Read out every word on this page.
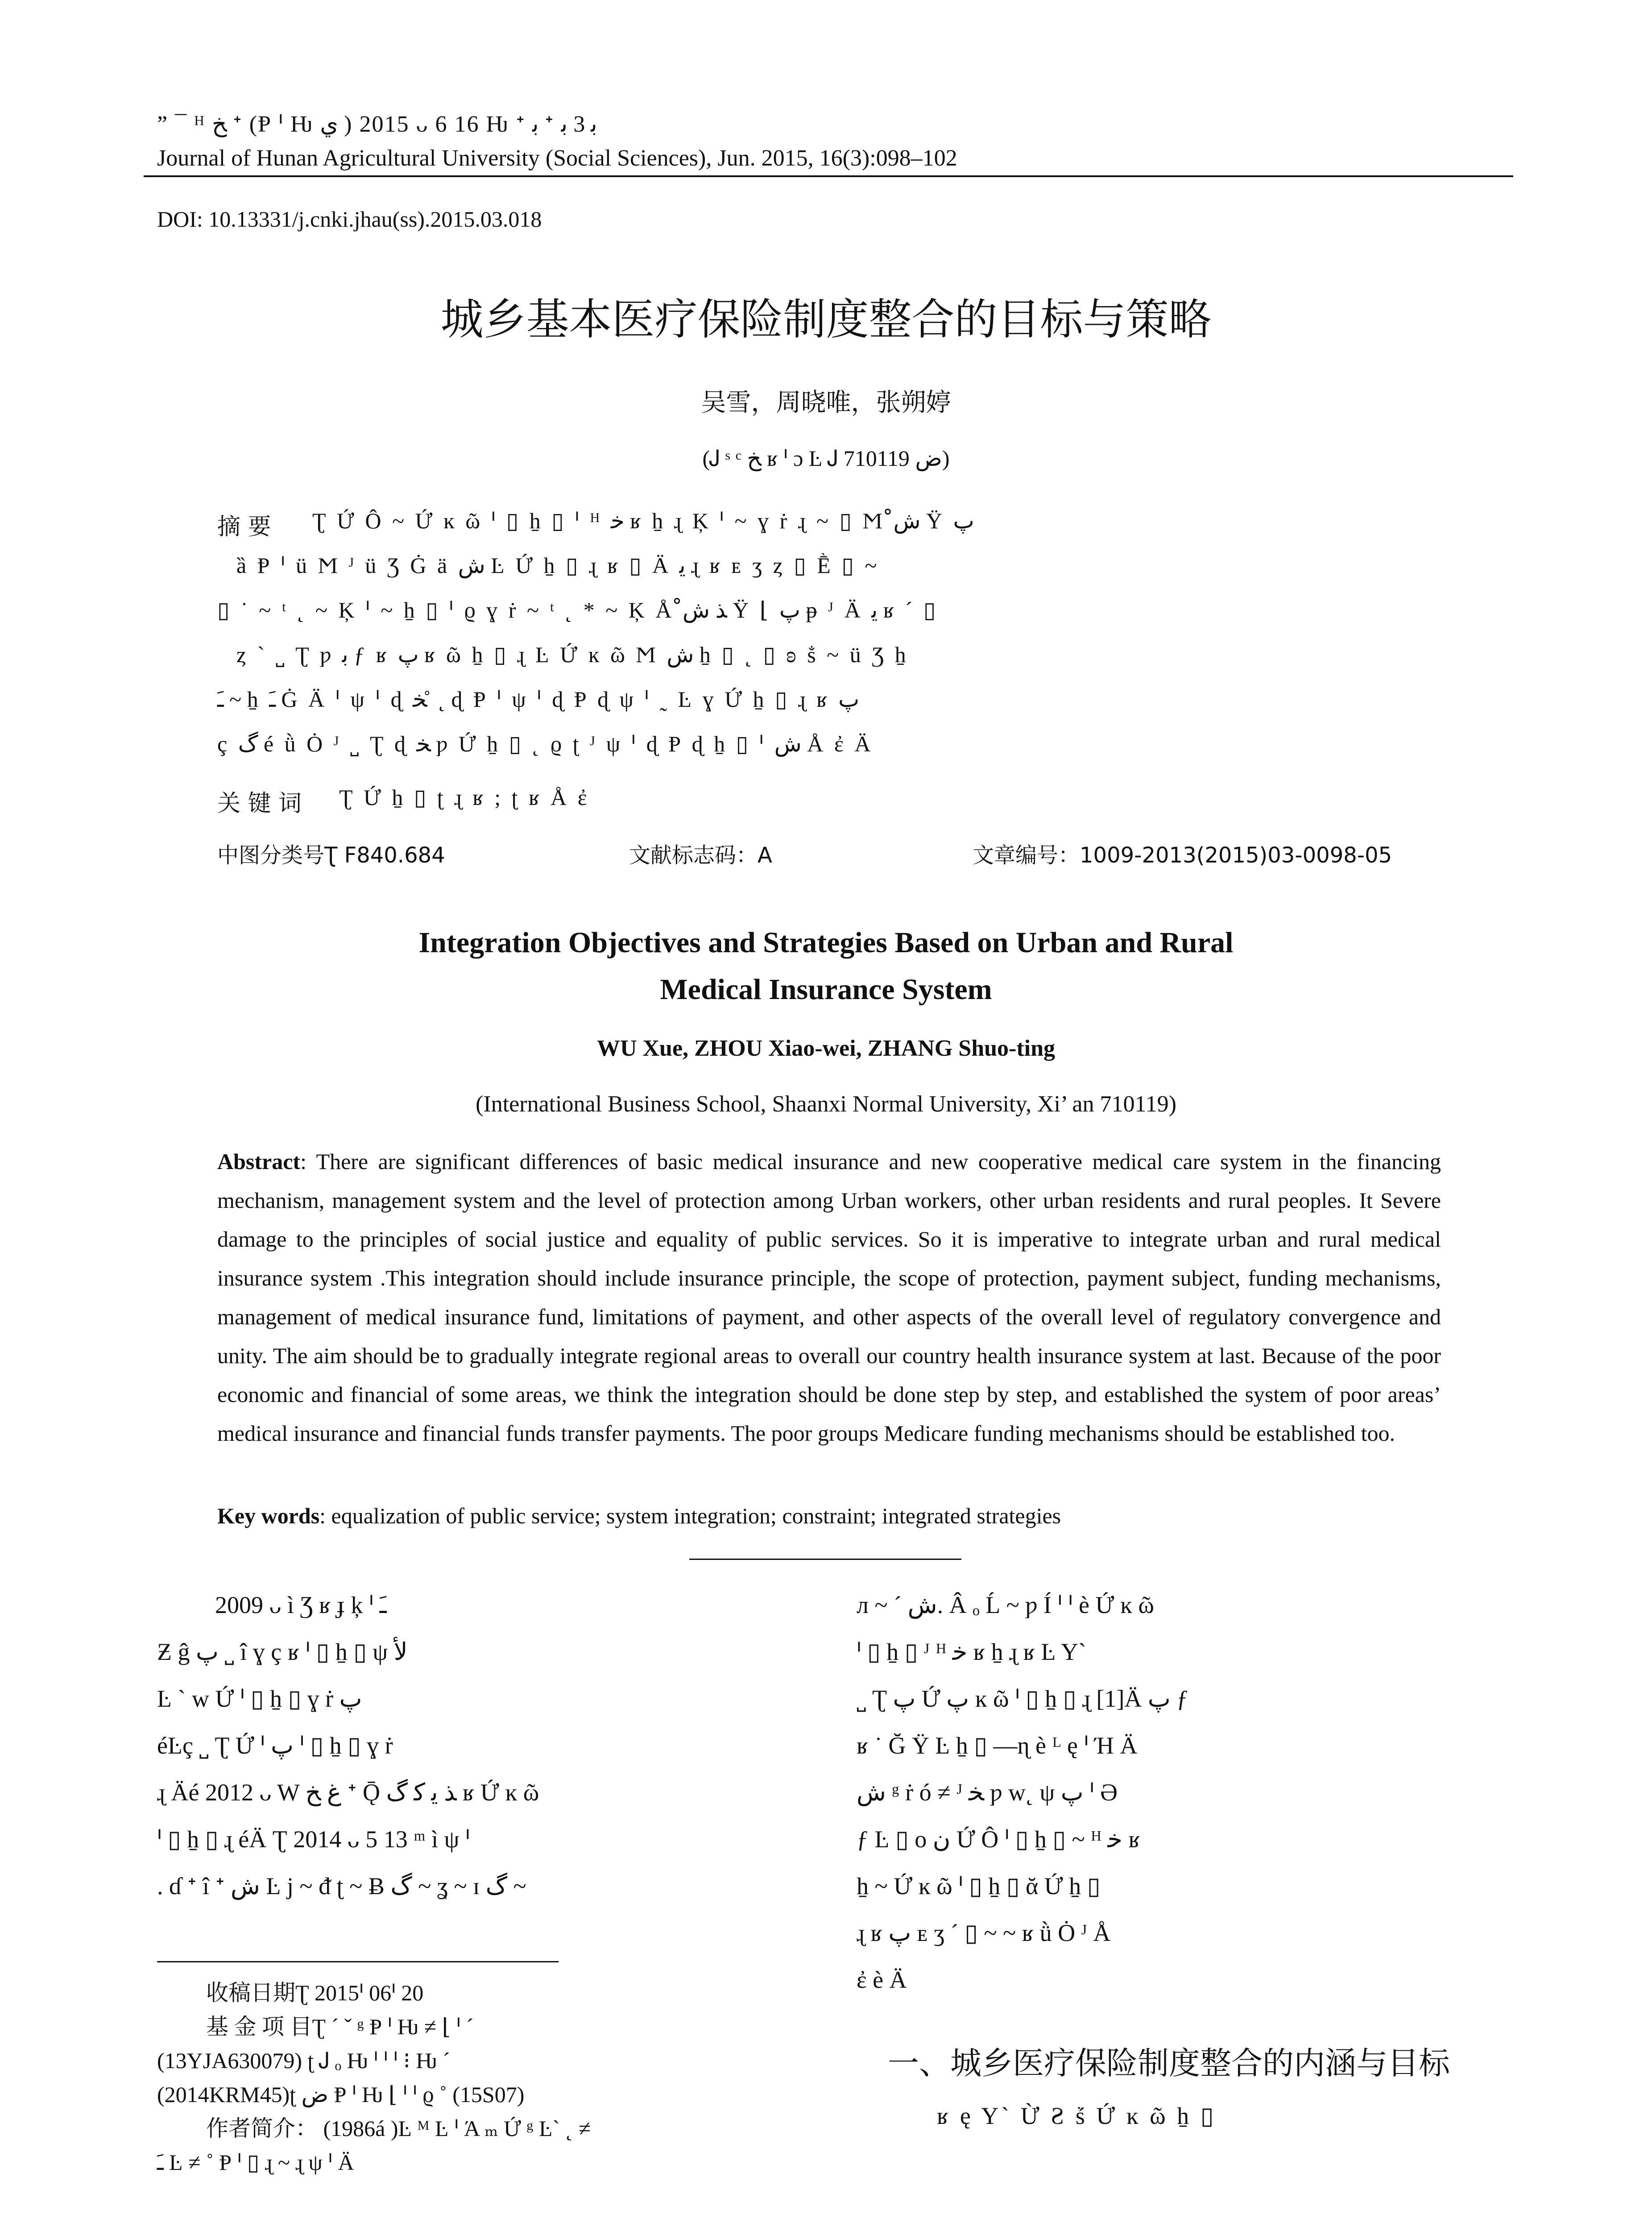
” ¯ ᴴ ﺦ ᐩ (Ᵽ ᑊ Ƕ ﻱ ) 2015 ᴗ 6 16 Ƕ ᐩ ﺑ ᐩ ﺑ 3 ﺑ
Journal of Hunan Agricultural University (Social Sciences), Jun. 2015, 16(3):098–102
DOI: 10.13331/j.cnki.jhau(ss).2015.03.018
城乡基本医疗保险制度整合的目标与策略
吴雪，周晓唯，张朔婷
(Ꭻ ˢ ᶜ ﺦ ʁ ᑊ ɔ Ŀ Ꭻ ﺽ 710119)
摘 要 Ʈ Ứ Ô ~ Ứ ĸ ῶ ᑊ ▯ ẖ ▯ ᑊ ᴴ ﺧ ʁ ẖ ɻ Ķ ᑊ ~ ɣ ṙ ɻ ~ ▯ Ϻ ﺵ̊ Ÿ ﭖ
ȁ Ᵽ ᑊ ü Ϻ ᴶ ü Ʒ Ġ ä ﺵ Ŀ Ứ ẖ ▯ ɻ ʁ ▯ Ä ﻳ ɻ ʁ ᴇ ʒ ȥ ▯ Ḕ ▯ ~
▯ ˙ ~ ᵗ ˛ ~ Ķ ᑊ ~ ẖ ▯ ᑊ ϱ ɣ ṙ ~ ᵗ ˛ * ~ Ķ Å ﺬ ﺵ̊ Ÿ ⌊ ﭖ ᵽ ᴶ Ä ﻳ ʁ ´ ▯
ȥ ` ˽ Ʈ ƿ ﺑ ƒ ʁ ﭖ ʁ ῶ ẖ ▯ ɻ Ŀ Ứ ĸ ῶ Ϻ ﺵ ẖ ▯ ˛ ▯ ʚ ṧ ~ ü Ʒ ẖ
ﹷ ~ ẖ ﹷ Ġ Ä ᑊ ψ ᑊ ɖ ﺨ ̊ ˛ ɖ Ᵽ ᑊ ψ ᑊ ɖ Ᵽ ɖ ψ ᑊ ˷ Ŀ ɣ Ứ ẖ ▯ ɻ ʁ ﭖ
ç ﮒ é ǜ Ȯ ᴶ ˽ Ʈ ɖ ﺨ ƿ Ứ ẖ ▯ ˛ ϱ ʈ ᴶ ψ ᑊ ɖ Ᵽ ɖ ẖ ▯ ᑊ ﺵ Å ἐ Ä
关 键 词 Ʈ Ứ ẖ ▯ ʈ ɻ ʁ ; ʈ ʁ Å ἐ
中图分类号Ʈ F840.684	文献标志码：A	文章编号：1009-2013(2015)03-0098-05
Integration Objectives and Strategies Based on Urban and Rural
Medical Insurance System
WU Xue, ZHOU Xiao-wei, ZHANG Shuo-ting
(International Business School, Shaanxi Normal University, Xi’ an 710119)
Abstract: There are significant differences of basic medical insurance and new cooperative medical care system in the financing mechanism, management system and the level of protection among Urban workers, other urban residents and rural peoples. It Severe damage to the principles of social justice and equality of public services. So it is imperative to integrate urban and rural medical insurance system .This integration should include insurance principle, the scope of protection, payment subject, funding mechanisms, management of medical insurance fund, limitations of payment, and other aspects of the overall level of regulatory convergence and unity. The aim should be to gradually integrate regional areas to overall our country health insurance system at last. Because of the poor economic and financial of some areas, we think the integration should be done step by step, and established the system of poor areas’ medical insurance and financial funds transfer payments. The poor groups Medicare funding mechanisms should be established too.
Key words: equalization of public service; system integration; constraint; integrated strategies
2009 ᴗ ì Ʒ ʁ ɟ ķ ᑊ ﹷ
Ƶ ĝ ﭖ ˽ î ɣ ç ʁ ᑊ ▯ ẖ ▯ ψ ﻷ
Ŀ ` ᴡ Ứ ᑊ ▯ ẖ ▯ ɣ ṙ ﭖ
éĿç ˽ Ʈ Ứ ᑊ ﭖ ᑊ ▯ ẖ ▯ ɣ ṙ
ɻ Äé 2012 ᴗ W ﻍ ﺦ ᐩ Ǭ ﺬ ﻳ ﮐ ﮒ ʁ Ứ ĸ ῶ
ᑊ ▯ ẖ ▯ ɻ éÄ Ʈ 2014 ᴗ 5 13 ᵐ ì ψ ᑊ
. ɗ ᐩ î ᐩ ﺵ Ŀ j ~ ᵭ ʈ ~ Ƀ ﮒ ~ ʓ ~ ɪ ﮒ ~
л ~ ´ ﺵ. Â ₒ Ĺ ~ ƿ Í ᑊ ᑊ è Ứ ĸ ῶ
ᑊ ▯ ẖ ▯ ᴶ ᴴ ﺧ ʁ ẖ ɻ ʁ Ŀ Y`
˽ Ʈ ﭖ Ứ ﭖ ĸ ῶ ᑊ ▯ ẖ ▯ ɻ [1]Ä ﭖ ƒ
ʁ ˙ Ğ Ÿ Ŀ ẖ ▯ —ɳ è ᴸ ę ᑊ Ή Ä
ﺵ ᵍ ṙ ó ≠ ᴶ ﺨ ƿ ᴡ˛ ψ ﭖ ᑊ Ə
ƒ Ŀ ▯ ο ﻥ Ứ Ô ᑊ ▯ ẖ ▯ ~ ᴴ ﺧ ʁ
ẖ ~ Ứ ĸ ῶ ᑊ ▯ ẖ ▯ ᾰ Ứ ẖ ▯
ɻ ʁ ﭖ ᴇ ʒ ´ ▯ ~ ~ ʁ ǜ Ȯ ᴶ Å
ἐ è Ä
收稿日期Ʈ 2015ᑊ 06ᑊ 20
基 金 项 目Ʈ ´ ˇ ᵍ Ᵽ ᑊ Ƕ ≠ ⌊ ᑊ ´
(13YJA630079) ʈ Ꭻ ₒ Ƕ ᑊ ᑊ ᑊ ⁝ Ƕ ´
(2014KRM45)ʈ ﺽ Ᵽ ᑊ Ƕ ⌊ ᑊ ᑊ ϱ ˚ (15S07)
作者简介： (1986á )Ŀ ᴹ Ŀ ᑊ Ά ₘ Ứ ᵍ Ŀ` ˛ ≠
ﹷ Ŀ ≠ ˚ Ᵽ ᑊ ▯ ɻ ~ ɻ ψ ᑊ Ä
一、城乡医疗保险制度整合的内涵与目标
ʁ ę Y` Ừ Ƨ ṥ Ứ ĸ ῶ ẖ ▯
